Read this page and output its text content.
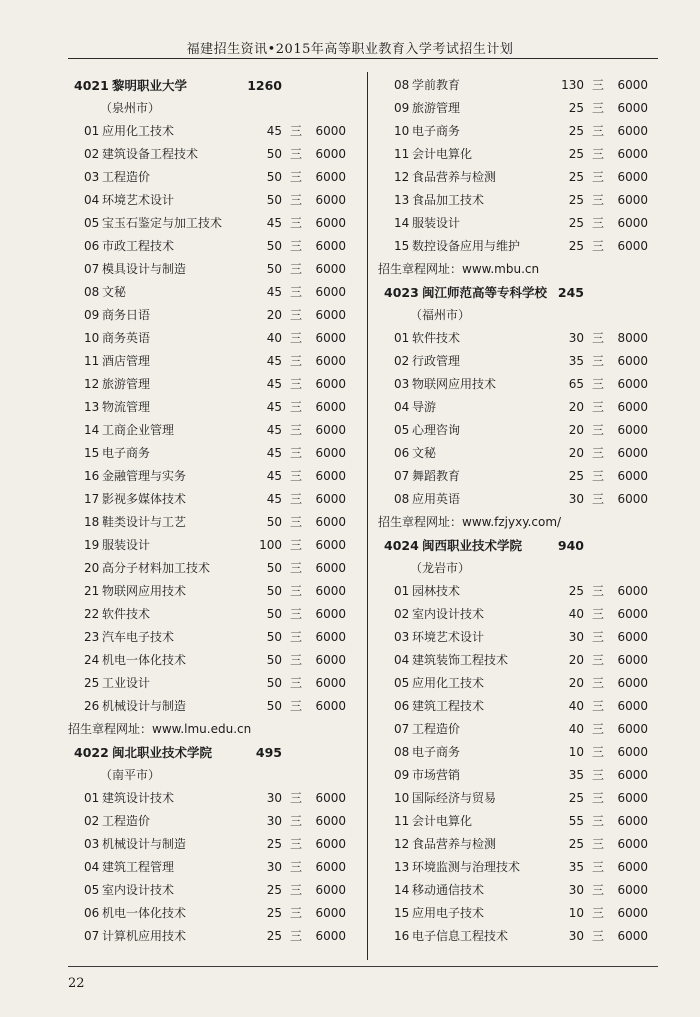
福建招生资讯•2015年高等职业教育入学考试招生计划
4021 黎明职业大学	1260
（泉州市）
01 应用化工技术	45 三	6000
02 建筑设备工程技术	50 三	6000
03 工程造价	50 三	6000
04 环境艺术设计	50 三	6000
05 宝玉石鉴定与加工技术	45 三	6000
06 市政工程技术	50 三	6000
07 模具设计与制造	50 三	6000
08 文秘	45 三	6000
09 商务日语	20 三	6000
10 商务英语	40 三	6000
11 酒店管理	45 三	6000
12 旅游管理	45 三	6000
13 物流管理	45 三	6000
14 工商企业管理	45 三	6000
15 电子商务	45 三	6000
16 金融管理与实务	45 三	6000
17 影视多媒体技术	45 三	6000
18 鞋类设计与工艺	50 三	6000
19 服装设计	100 三	6000
20 高分子材料加工技术	50 三	6000
21 物联网应用技术	50 三	6000
22 软件技术	50 三	6000
23 汽车电子技术	50 三	6000
24 机电一体化技术	50 三	6000
25 工业设计	50 三	6000
26 机械设计与制造	50 三	6000
招生章程网址：www.lmu.edu.cn
4022 闽北职业技术学院	495
（南平市）
01 建筑设计技术	30 三	6000
02 工程造价	30 三	6000
03 机械设计与制造	25 三	6000
04 建筑工程管理	30 三	6000
05 室内设计技术	25 三	6000
06 机电一体化技术	25 三	6000
07 计算机应用技术	25 三	6000
08 学前教育	130 三	6000
09 旅游管理	25 三	6000
10 电子商务	25 三	6000
11 会计电算化	25 三	6000
12 食品营养与检测	25 三	6000
13 食品加工技术	25 三	6000
14 服装设计	25 三	6000
15 数控设备应用与维护	25 三	6000
招生章程网址：www.mbu.cn
4023 闽江师范高等专科学校 245
（福州市）
01 软件技术	30 三	8000
02 行政管理	35 三	6000
03 物联网应用技术	65 三	6000
04 导游	20 三	6000
05 心理咨询	20 三	6000
06 文秘	20 三	6000
07 舞蹈教育	25 三	6000
08 应用英语	30 三	6000
招生章程网址：www.fzjyxy.com/
4024 闽西职业技术学院	940
（龙岩市）
01 园林技术	25 三	6000
02 室内设计技术	40 三	6000
03 环境艺术设计	30 三	6000
04 建筑装饰工程技术	20 三	6000
05 应用化工技术	20 三	6000
06 建筑工程技术	40 三	6000
07 工程造价	40 三	6000
08 电子商务	10 三	6000
09 市场营销	35 三	6000
10 国际经济与贸易	25 三	6000
11 会计电算化	55 三	6000
12 食品营养与检测	25 三	6000
13 环境监测与治理技术	35 三	6000
14 移动通信技术	30 三	6000
15 应用电子技术	10 三	6000
16 电子信息工程技术	30 三	6000
22
